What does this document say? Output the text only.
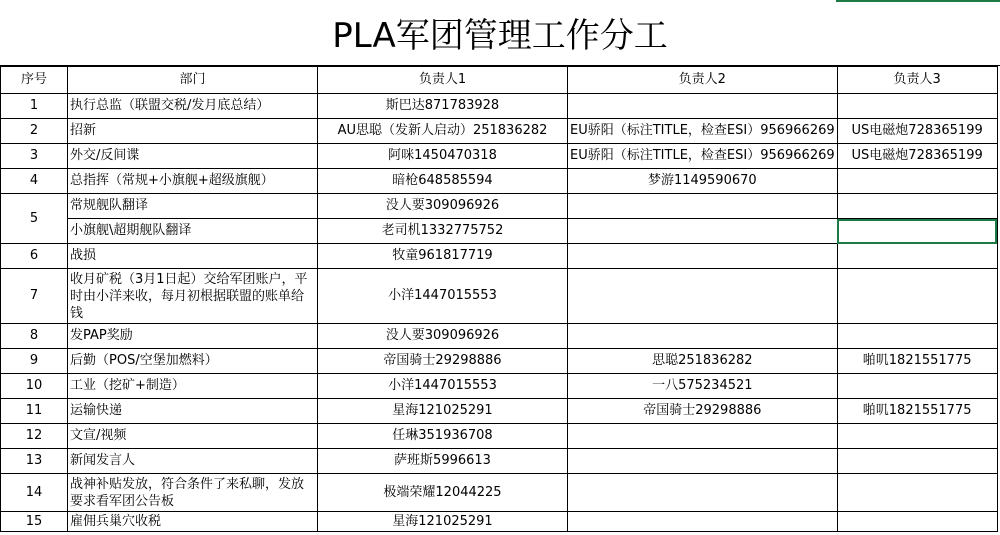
PLA军团管理工作分工
序号	部门	负责人1	负责人2	负责人3
1	执行总监（联盟交税/发月底总结）	斯巴达871783928		
2	招新	AU思聪（发新人启动）251836282	EU骄阳（标注TITLE，检查ESI）956966269	US电磁炮728365199
3	外交/反间谍	阿咪1450470318	EU骄阳（标注TITLE，检查ESI）956966269	US电磁炮728365199
4	总指挥（常规+小旗舰+超级旗舰）	暗枪648585594	梦游1149590670	
5	常规舰队翻译	没人要309096926		
	小旗舰\超期舰队翻译	老司机1332775752		
6	战损	牧童961817719		
7	收月矿税（3月1日起）交给军团账户，平时由小洋来收，每月初根据联盟的账单给钱	小洋1447015553		
8	发PAP奖励	没人要309096926		
9	后勤（POS/空堡加燃料）	帝国骑士29298886	思聪251836282	啪叽1821551775
10	工业（挖矿+制造）	小洋1447015553	一八575234521	
11	运输快递	星海121025291	帝国骑士29298886	啪叽1821551775
12	文宣/视频	任琳351936708		
13	新闻发言人	萨班斯5996613		
14	战神补贴发放，符合条件了来私聊，发放要求看军团公告板	极端荣耀12044225		
15	雇佣兵巢穴收税	星海121025291		
